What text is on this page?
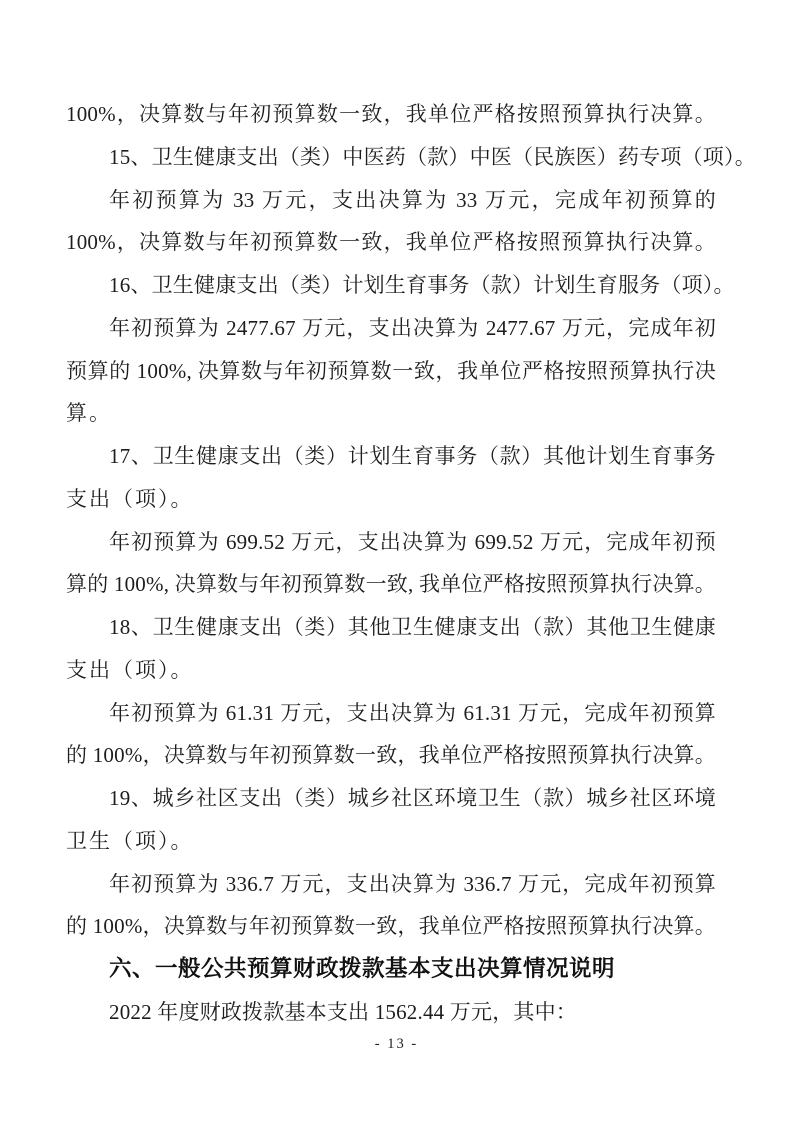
100%，决算数与年初预算数一致，我单位严格按照预算执行决算。
15、卫生健康支出（类）中医药（款）中医（民族医）药专项（项）。
年初预算为 33 万元，支出决算为 33 万元，完成年初预算的
100%，决算数与年初预算数一致，我单位严格按照预算执行决算。
16、卫生健康支出（类）计划生育事务（款）计划生育服务（项）。
年初预算为 2477.67 万元，支出决算为 2477.67 万元，完成年初
预算的 100%, 决算数与年初预算数一致，我单位严格按照预算执行决
算。
17、卫生健康支出（类）计划生育事务（款）其他计划生育事务
支出（项）。
年初预算为 699.52 万元，支出决算为 699.52 万元，完成年初预
算的 100%, 决算数与年初预算数一致, 我单位严格按照预算执行决算。
18、卫生健康支出（类）其他卫生健康支出（款）其他卫生健康
支出（项）。
年初预算为 61.31 万元，支出决算为 61.31 万元，完成年初预算
的 100%，决算数与年初预算数一致，我单位严格按照预算执行决算。
19、城乡社区支出（类）城乡社区环境卫生（款）城乡社区环境
卫生（项）。
年初预算为 336.7 万元，支出决算为 336.7 万元，完成年初预算
的 100%，决算数与年初预算数一致，我单位严格按照预算执行决算。
六、一般公共预算财政拨款基本支出决算情况说明
2022 年度财政拨款基本支出 1562.44 万元，其中：
- 13 -
